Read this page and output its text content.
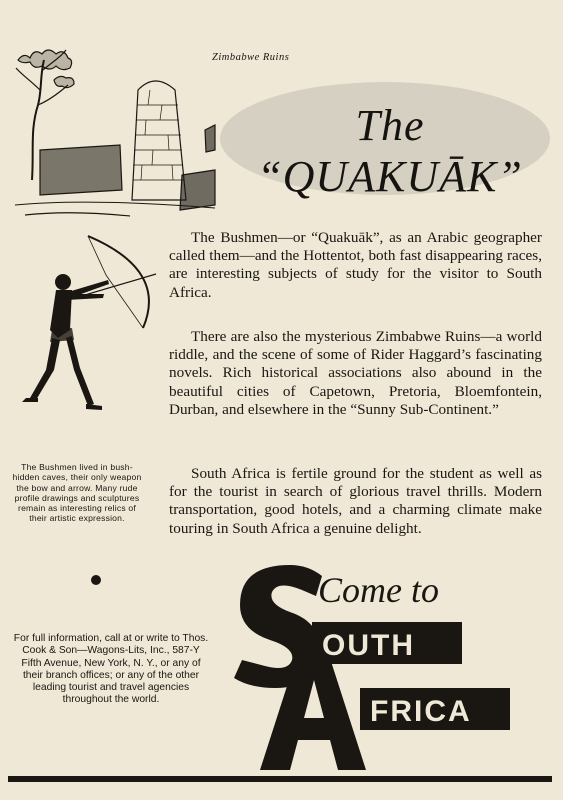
Zimbabwe Ruins
The “QUAKUĀK”
The Bushmen—or “Quakuāk”, as an Arabic geographer called them—and the Hottentot, both fast disappearing races, are interesting subjects of study for the visitor to South Africa.
There are also the mysterious Zimbabwe Ruins—a world riddle, and the scene of some of Rider Haggard’s fascinating novels. Rich historical associations also abound in the beautiful cities of Capetown, Pretoria, Bloemfontein, Durban, and elsewhere in the “Sunny Sub-Continent.”
South Africa is fertile ground for the student as well as for the tourist in search of glorious travel thrills. Modern transportation, good hotels, and a charming climate make touring in South Africa a genuine delight.
The Bushmen lived in bush-hidden caves, their only weapon the bow and arrow. Many rude profile drawings and sculptures remain as interesting relics of their artistic expression.
For full information, call at or write to Thos. Cook & Son—Wagons-Lits, Inc., 587-Y Fifth Avenue, New York, N. Y., or any of their branch offices; or any of the other leading tourist and travel agencies throughout the world.
Come to
OUTH
FRICA
